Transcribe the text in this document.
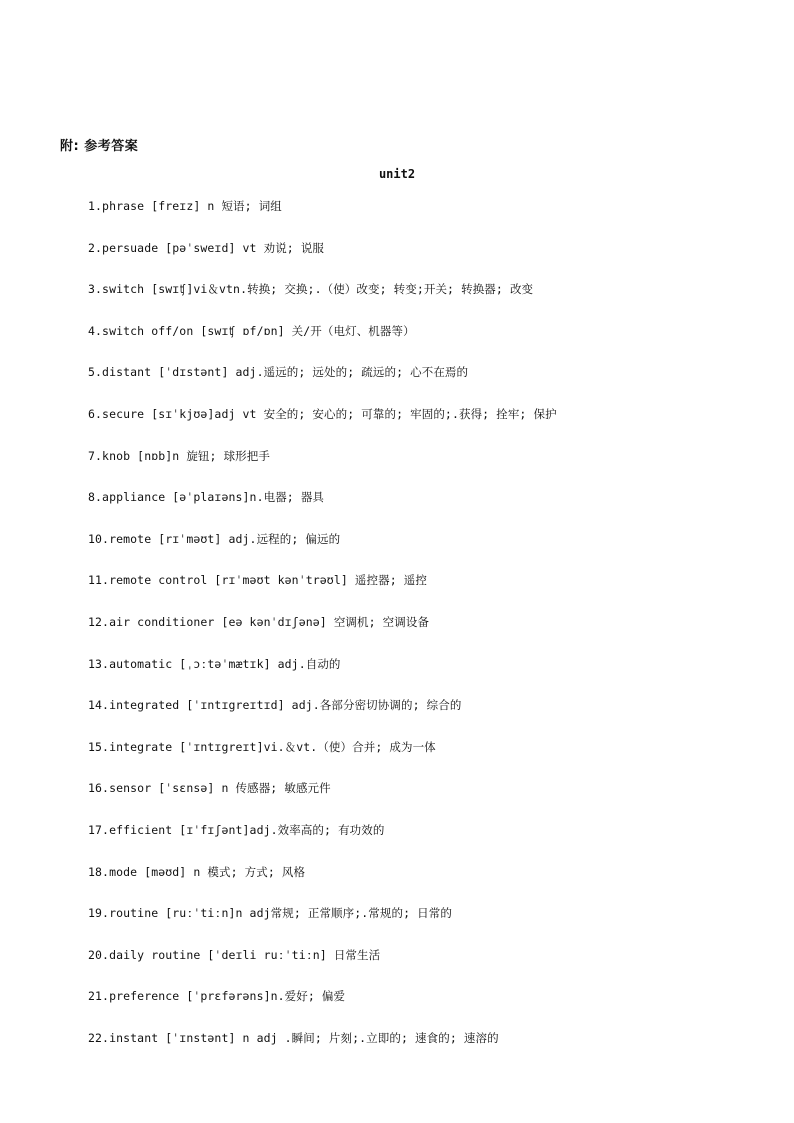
附: 参考答案
unit2
1.phrase [freɪz] n 短语; 词组
2.persuade [pəˈsweɪd] vt 劝说; 说服
3.switch [swɪʧ]vi＆vtn.转换; 交换;.（使）改变; 转变;开关; 转换器; 改变
4.switch off/on [swɪʧ ɒf/ɒn] 关/开（电灯、机器等）
5.distant [ˈdɪstənt] adj.遥远的; 远处的; 疏远的; 心不在焉的
6.secure [sɪˈkjʊə]adj vt 安全的; 安心的; 可靠的; 牢固的;.获得; 拴牢; 保护
7.knob [nɒb]n 旋钮; 球形把手
8.appliance [əˈplaɪəns]n.电器; 器具
10.remote [rɪˈməʊt] adj.远程的; 偏远的
11.remote control [rɪˈməʊt kənˈtrəʊl] 遥控器; 遥控
12.air conditioner [eə kənˈdɪʃənə] 空调机; 空调设备
13.automatic [ˌɔːtəˈmætɪk] adj.自动的
14.integrated [ˈɪntɪgreɪtɪd] adj.各部分密切协调的; 综合的
15.integrate [ˈɪntɪgreɪt]vi.＆vt.（使）合并; 成为一体
16.sensor [ˈsɛnsə] n 传感器; 敏感元件
17.efficient [ɪˈfɪʃənt]adj.效率高的; 有功效的
18.mode [məʊd] n 模式; 方式; 风格
19.routine [ruːˈtiːn]n adj常规; 正常顺序;.常规的; 日常的
20.daily routine [ˈdeɪli ruːˈtiːn] 日常生活
21.preference [ˈprɛfərəns]n.爱好; 偏爱
22.instant [ˈɪnstənt] n adj .瞬间; 片刻;.立即的; 速食的; 速溶的
